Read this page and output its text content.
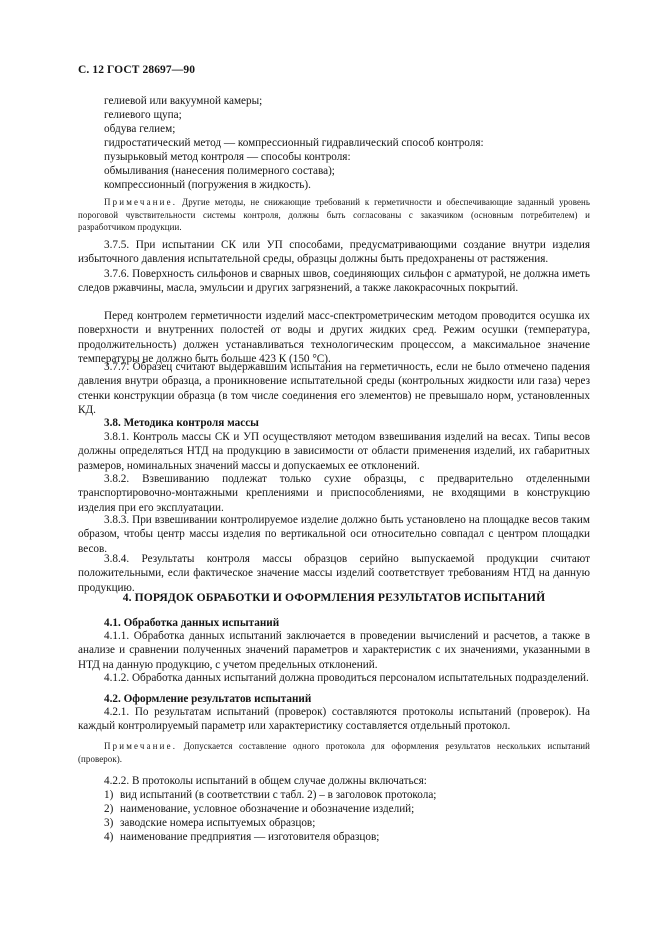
С. 12 ГОСТ 28697—90
гелиевой или вакуумной камеры;
гелиевого щупа;
обдува гелием;
гидростатический метод — компрессионный гидравлический способ контроля:
пузырьковый метод контроля — способы контроля:
обмыливания (нанесения полимерного состава);
компрессионный (погружения в жидкость).
Примечание. Другие методы, не снижающие требований к герметичности и обеспечивающие заданный уровень пороговой чувствительности системы контроля, должны быть согласованы с заказчиком (основным потребителем) и разработчиком продукции.
3.7.5. При испытании СК или УП способами, предусматривающими создание внутри изделия избыточного давления испытательной среды, образцы должны быть предохранены от растяжения.
3.7.6. Поверхность сильфонов и сварных швов, соединяющих сильфон с арматурой, не должна иметь следов ржавчины, масла, эмульсии и других загрязнений, а также лакокрасочных покрытий.
Перед контролем герметичности изделий масс-спектрометрическим методом проводится осушка их поверхности и внутренних полостей от воды и других жидких сред. Режим осушки (температура, продолжительность) должен устанавливаться технологическим процессом, а максимальное значение температуры не должно быть больше 423 К (150 °С).
3.7.7. Образец считают выдержавшим испытания на герметичность, если не было отмечено падения давления внутри образца, а проникновение испытательной среды (контрольных жидкости или газа) через стенки конструкции образца (в том числе соединения его элементов) не превышало норм, установленных КД.
3.8. Методика контроля массы
3.8.1. Контроль массы СК и УП осуществляют методом взвешивания изделий на весах. Типы весов должны определяться НТД на продукцию в зависимости от области применения изделий, их габаритных размеров, номинальных значений массы и допускаемых ее отклонений.
3.8.2. Взвешиванию подлежат только сухие образцы, с предварительно отделенными транспортировочно-монтажными креплениями и приспособлениями, не входящими в конструкцию изделия при его эксплуатации.
3.8.3. При взвешивании контролируемое изделие должно быть установлено на площадке весов таким образом, чтобы центр массы изделия по вертикальной оси относительно совпадал с центром площадки весов.
3.8.4. Результаты контроля массы образцов серийно выпускаемой продукции считают положительными, если фактическое значение массы изделий соответствует требованиям НТД на данную продукцию.
4. ПОРЯДОК ОБРАБОТКИ И ОФОРМЛЕНИЯ РЕЗУЛЬТАТОВ ИСПЫТАНИЙ
4.1. Обработка данных испытаний
4.1.1. Обработка данных испытаний заключается в проведении вычислений и расчетов, а также в анализе и сравнении полученных значений параметров и характеристик с их значениями, указанными в НТД на данную продукцию, с учетом предельных отклонений.
4.1.2. Обработка данных испытаний должна проводиться персоналом испытательных подразделений.
4.2. Оформление результатов испытаний
4.2.1. По результатам испытаний (проверок) составляются протоколы испытаний (проверок). На каждый контролируемый параметр или характеристику составляется отдельный протокол.
Примечание. Допускается составление одного протокола для оформления результатов нескольких испытаний (проверок).
4.2.2. В протоколы испытаний в общем случае должны включаться:
1) вид испытаний (в соответствии с табл. 2) – в заголовок протокола;
2) наименование, условное обозначение и обозначение изделий;
3) заводские номера испытуемых образцов;
4) наименование предприятия — изготовителя образцов;
